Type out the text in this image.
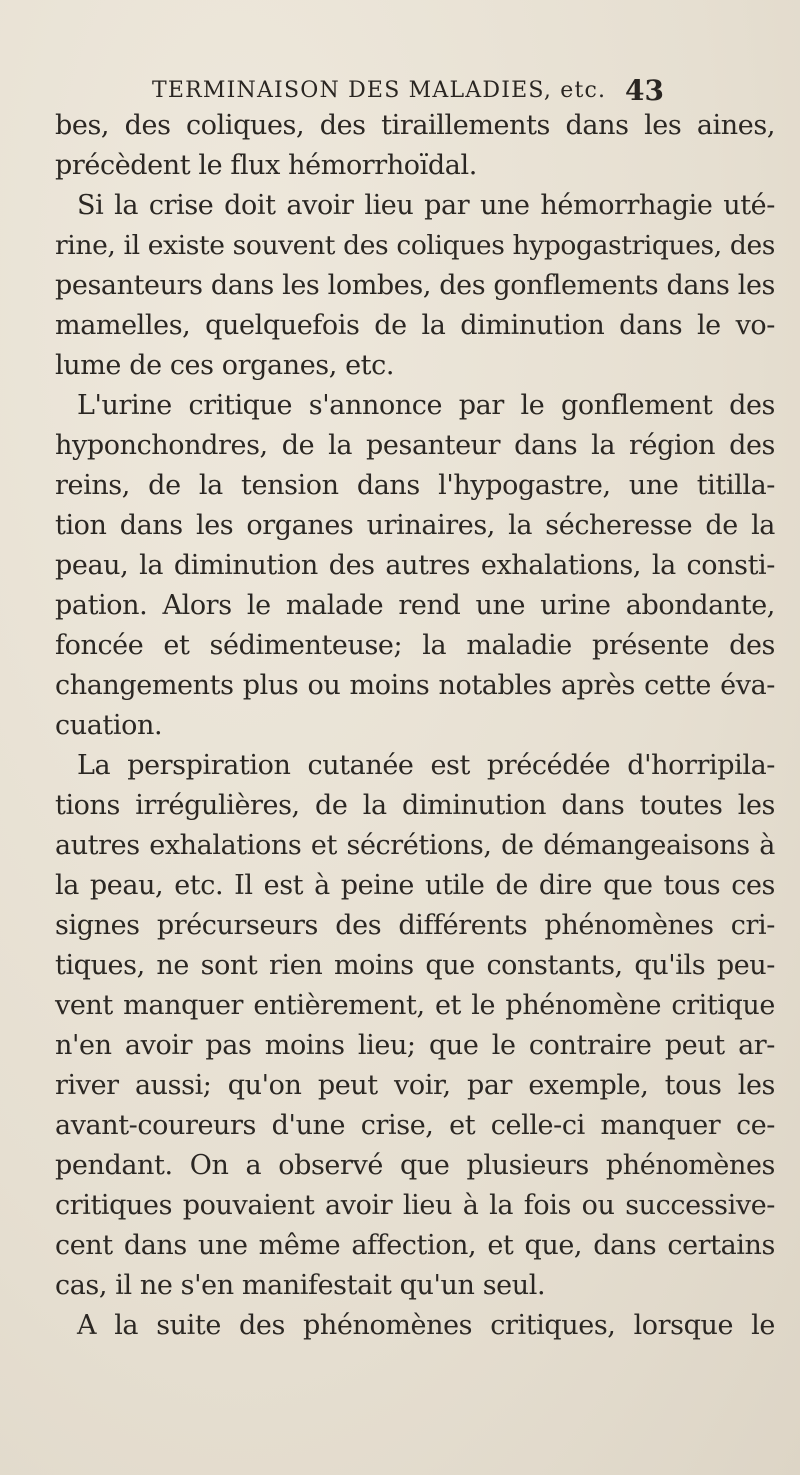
TERMINAISON DES MALADIES, etc. 43
bes, des coliques, des tiraillements dans les aines,
précèdent le flux hémorrhoïdal.
Si la crise doit avoir lieu par une hémorrhagie uté-
rine, il existe souvent des coliques hypogastriques, des
pesanteurs dans les lombes, des gonflements dans les
mamelles, quelquefois de la diminution dans le vo-
lume de ces organes, etc.
L'urine critique s'annonce par le gonflement des
hyponchondres, de la pesanteur dans la région des
reins, de la tension dans l'hypogastre, une titilla-
tion dans les organes urinaires, la sécheresse de la
peau, la diminution des autres exhalations, la consti-
pation. Alors le malade rend une urine abondante,
foncée et sédimenteuse; la maladie présente des
changements plus ou moins notables après cette éva-
cuation.
La perspiration cutanée est précédée d'horripila-
tions irrégulières, de la diminution dans toutes les
autres exhalations et sécrétions, de démangeaisons à
la peau, etc. Il est à peine utile de dire que tous ces
signes précurseurs des différents phénomènes cri-
tiques, ne sont rien moins que constants, qu'ils peu-
vent manquer entièrement, et le phénomène critique
n'en avoir pas moins lieu; que le contraire peut ar-
river aussi; qu'on peut voir, par exemple, tous les
avant-coureurs d'une crise, et celle-ci manquer ce-
pendant. On a observé que plusieurs phénomènes
critiques pouvaient avoir lieu à la fois ou successive-
cent dans une même affection, et que, dans certains
cas, il ne s'en manifestait qu'un seul.
A la suite des phénomènes critiques, lorsque le
